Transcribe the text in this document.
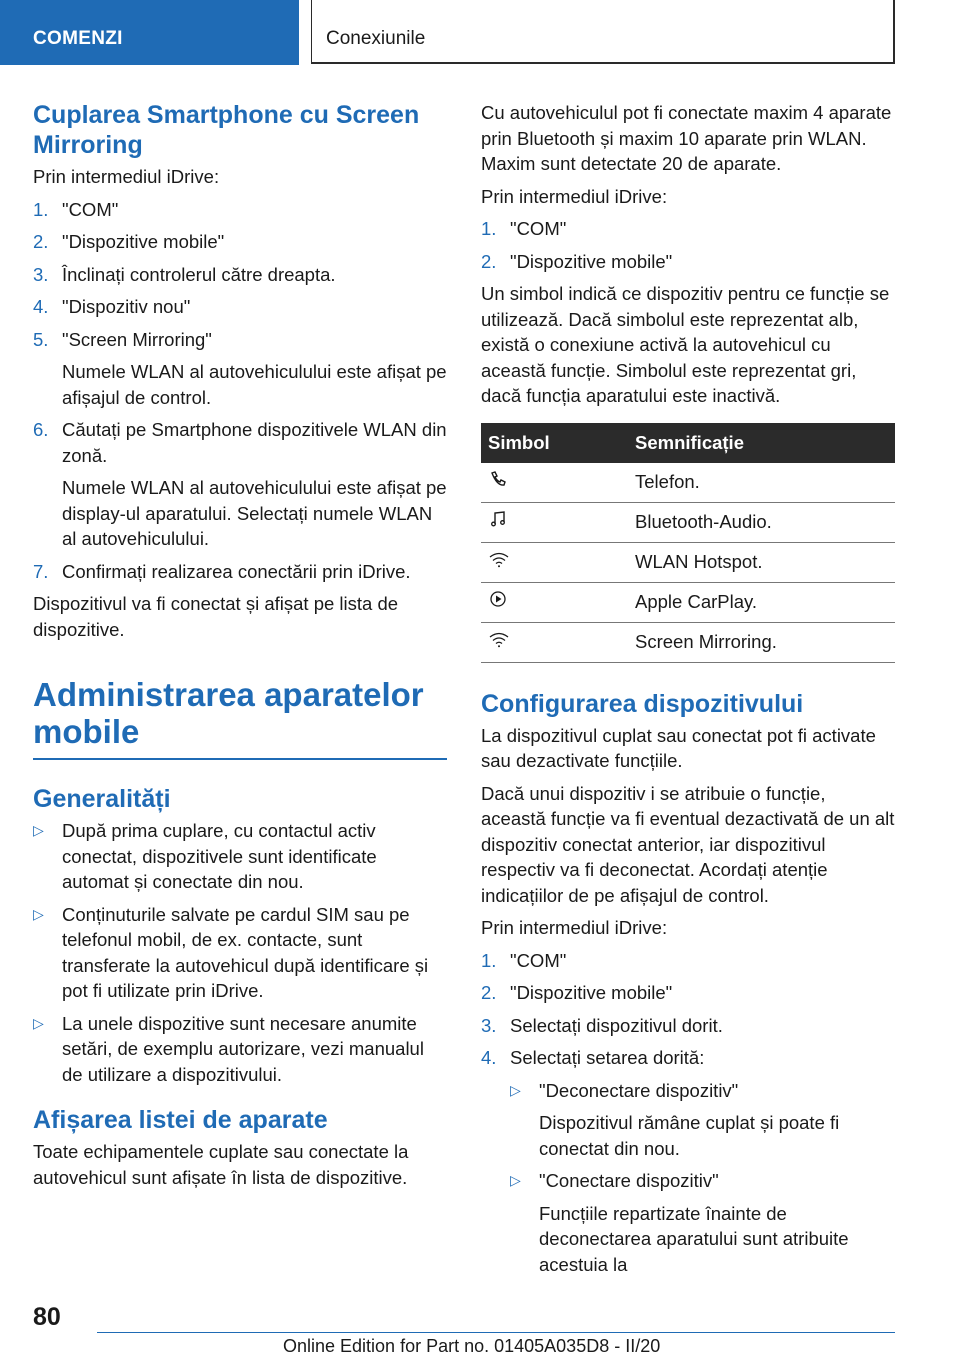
COMENZI	Conexiunile
Cuplarea Smartphone cu Screen Mirroring

Prin intermediul iDrive:

1. "COM"
2. "Dispozitive mobile"
3. Înclinați controlerul către dreapta.
4. "Dispozitiv nou"
5. "Screen Mirroring"
Numele WLAN al autovehiculului este afișat pe afișajul de control.
6. Căutați pe Smartphone dispozitivele WLAN din zonă.
Numele WLAN al autovehiculului este afișat pe display-ul aparatului. Selectați numele WLAN al autovehiculului.
7. Confirmați realizarea conectării prin iDrive.

Dispozitivul va fi conectat și afișat pe lista de dispozitive.

Administrarea aparatelor mobile
Generalități
▷ După prima cuplare, cu contactul activ conectat, dispozitivele sunt identificate automat și conectate din nou.
▷ Conținuturile salvate pe cardul SIM sau pe telefonul mobil, de ex. contacte, sunt transferate la autovehicul după identificare și pot fi utilizate prin iDrive.
▷ La unele dispozitive sunt necesare anumite setări, de exemplu autorizare, vezi manualul de utilizare a dispozitivului.
Afișarea listei de aparate

Toate echipamentele cuplate sau conectate la autovehicul sunt afișate în lista de dispozitive.

Cu autovehiculul pot fi conectate maxim 4 aparate prin Bluetooth și maxim 10 aparate prin WLAN. Maxim sunt detectate 20 de aparate.

Prin intermediul iDrive:

1. "COM"
2. "Dispozitive mobile"

Un simbol indică ce dispozitiv pentru ce funcție se utilizează. Dacă simbolul este reprezentat alb, există o conexiune activă la autovehicul cu această funcție. Simbolul este reprezentat gri, dacă funcția aparatului este inactivă.

Simbol	Semnificație
	Telefon.
	Bluetooth-Audio.
	WLAN Hotspot.
	Apple CarPlay.
	Screen Mirroring.
Configurarea dispozitivului

La dispozitivul cuplat sau conectat pot fi activate sau dezactivate funcțiile.

Dacă unui dispozitiv i se atribuie o funcție, această funcție va fi eventual dezactivată de un alt dispozitiv conectat anterior, iar dispozitivul respectiv va fi deconectat. Acordați atenție indicațiilor de pe afișajul de control.

Prin intermediul iDrive:

1. "COM"
2. "Dispozitive mobile"
3. Selectați dispozitivul dorit.
4. Selectați setarea dorită:
▷ "Deconectare dispozitiv"
Dispozitivul rămâne cuplat și poate fi conectat din nou.
▷ "Conectare dispozitiv"
Funcțiile repartizate înainte de deconectarea aparatului sunt atribuite acestuia la
80
Online Edition for Part no. 01405A035D8 - II/20
